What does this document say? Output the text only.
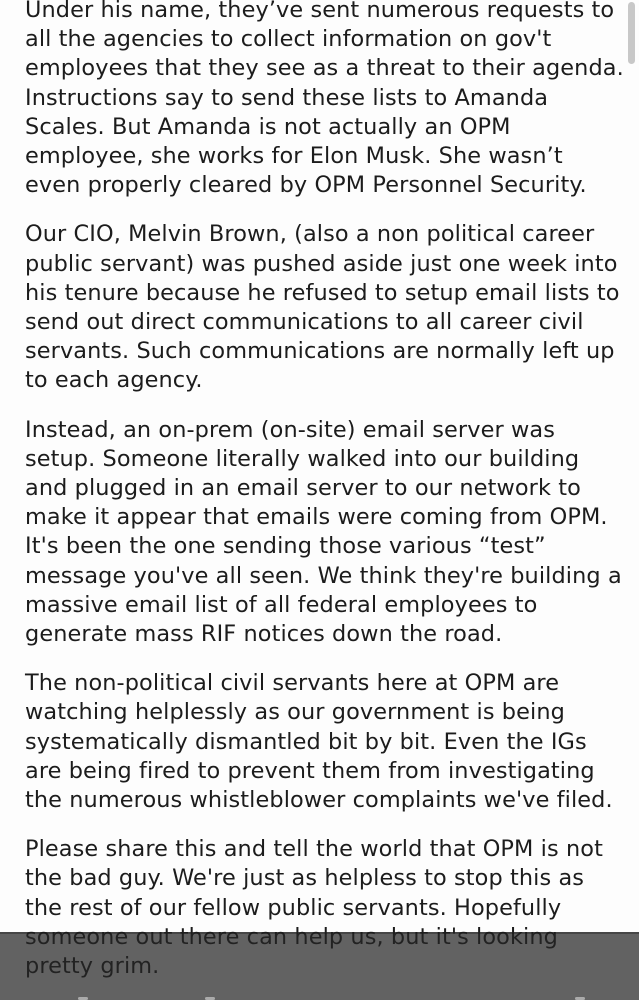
Under his name, they’ve sent numerous requests to
all the agencies to collect information on gov't
employees that they see as a threat to their agenda.
Instructions say to send these lists to Amanda
Scales. But Amanda is not actually an OPM
employee, she works for Elon Musk. She wasn’t
even properly cleared by OPM Personnel Security.
Our CIO, Melvin Brown, (also a non political career
public servant) was pushed aside just one week into
his tenure because he refused to setup email lists to
send out direct communications to all career civil
servants. Such communications are normally left up
to each agency.
Instead, an on-prem (on-site) email server was
setup. Someone literally walked into our building
and plugged in an email server to our network to
make it appear that emails were coming from OPM.
It's been the one sending those various “test”
message you've all seen. We think they're building a
massive email list of all federal employees to
generate mass RIF notices down the road.
The non-political civil servants here at OPM are
watching helplessly as our government is being
systematically dismantled bit by bit. Even the IGs
are being fired to prevent them from investigating
the numerous whistleblower complaints we've filed.
Please share this and tell the world that OPM is not
the bad guy. We're just as helpless to stop this as
the rest of our fellow public servants. Hopefully
